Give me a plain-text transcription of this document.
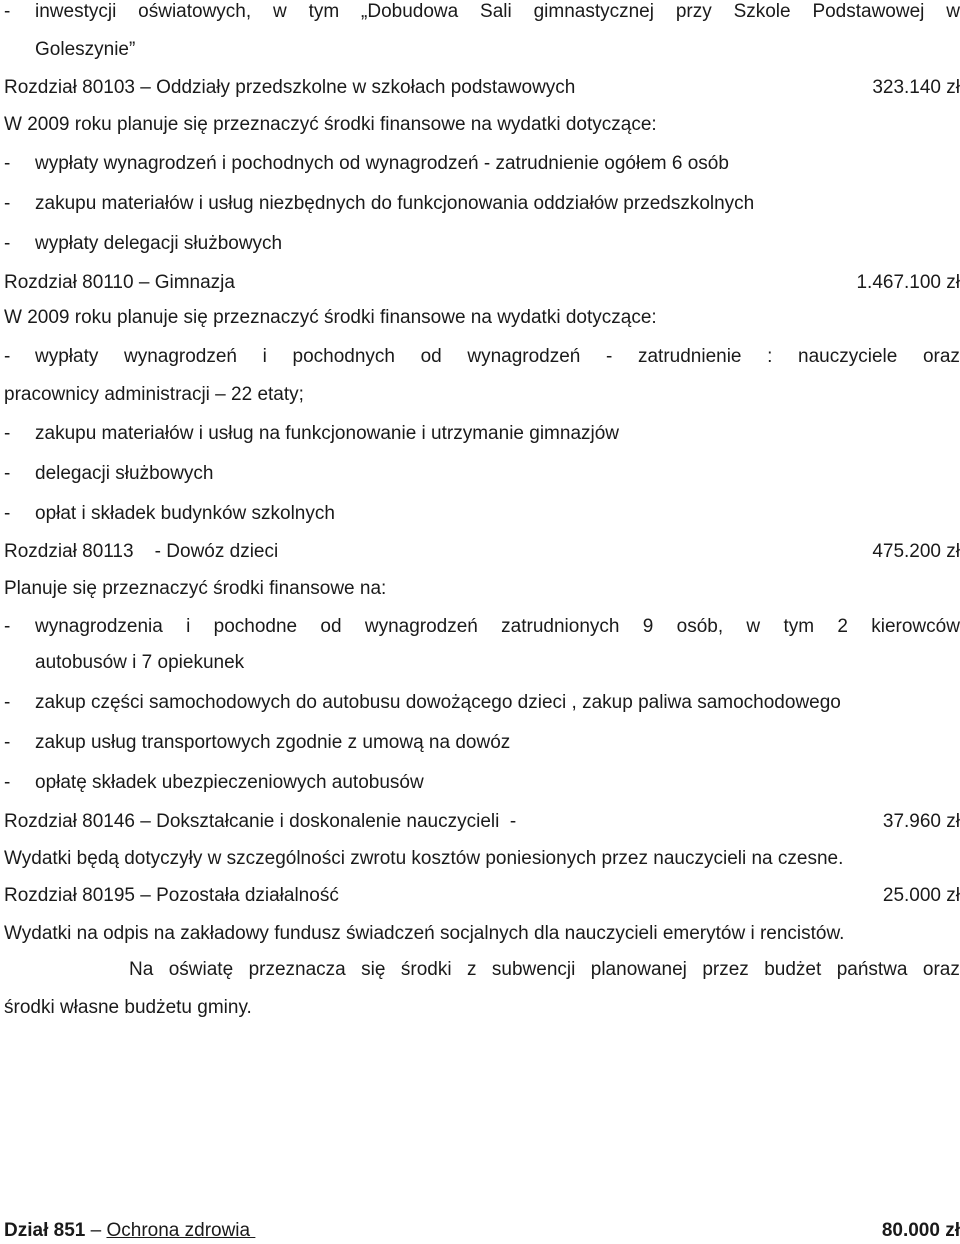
-	inwestycji oświatowych, w tym „Dobudowa Sali gimnastycznej przy Szkole Podstawowej w
Goleszynie”
Rozdział 80103 – Oddziały przedszkolne w szkołach podstawowych	323.140 zł
W 2009 roku planuje się przeznaczyć środki finansowe na wydatki dotyczące:
-	wypłaty wynagrodzeń i pochodnych od wynagrodzeń - zatrudnienie ogółem 6 osób
-	zakupu materiałów i usług niezbędnych do funkcjonowania oddziałów przedszkolnych
-	wypłaty delegacji służbowych
Rozdział 80110 – Gimnazja	1.467.100 zł
W 2009 roku planuje się przeznaczyć środki finansowe na wydatki dotyczące:
-	wypłaty wynagrodzeń i pochodnych od wynagrodzeń - zatrudnienie : nauczyciele oraz
pracownicy administracji – 22 etaty;
-	zakupu materiałów i usług na funkcjonowanie i utrzymanie gimnazjów
-	delegacji służbowych
-	opłat i składek budynków szkolnych
Rozdział 80113    - Dowóz dzieci	475.200 zł
Planuje się przeznaczyć środki finansowe na:
-	wynagrodzenia i pochodne od wynagrodzeń zatrudnionych 9 osób, w tym 2 kierowców
autobusów i 7 opiekunek
-	zakup części samochodowych do autobusu dowożącego dzieci , zakup paliwa samochodowego
-	zakup usług transportowych zgodnie z umową na dowóz
-	opłatę składek ubezpieczeniowych autobusów
Rozdział 80146 – Dokształcanie i doskonalenie nauczycieli  -	37.960 zł
Wydatki będą dotyczyły w szczególności zwrotu kosztów poniesionych przez nauczycieli na czesne.
Rozdział 80195 – Pozostała działalność	25.000 zł
Wydatki na odpis na zakładowy fundusz świadczeń socjalnych dla nauczycieli emerytów i rencistów.
Na oświatę przeznacza się środki z subwencji planowanej przez budżet państwa oraz
środki własne budżetu gminy.
Dział 851 – Ochrona zdrowia	80.000 zł
